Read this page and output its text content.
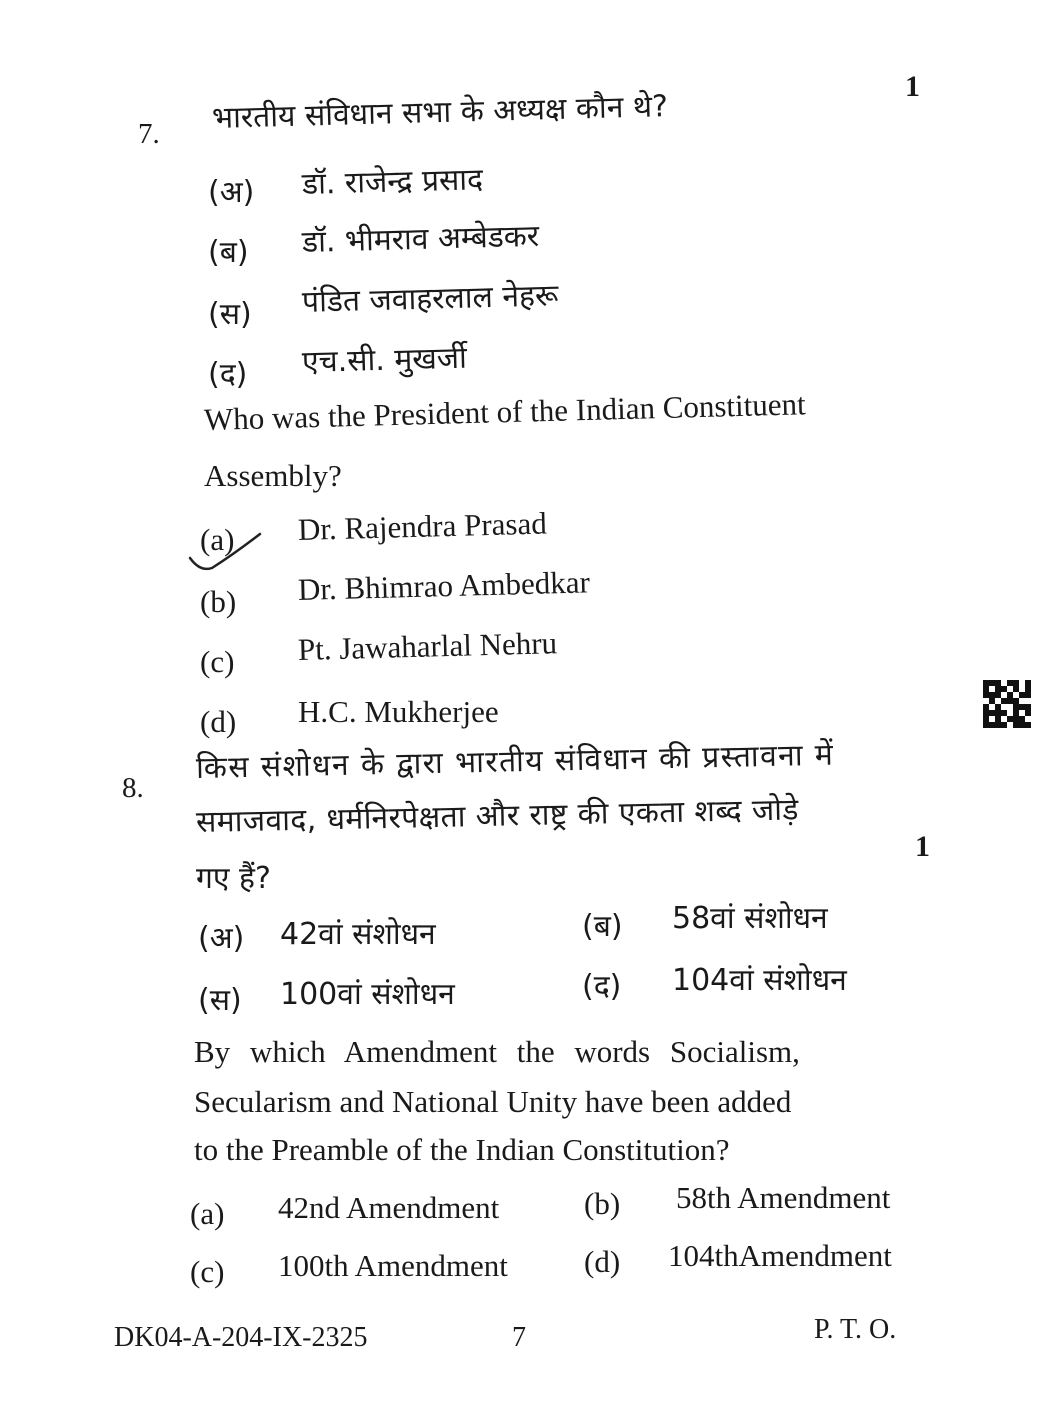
1
7. भारतीय संविधान सभा के अध्यक्ष कौन थे?
(अ) डॉ. राजेन्द्र प्रसाद
(ब) डॉ. भीमराव अम्बेडकर
(स) पंडित जवाहरलाल नेहरू
(द) एच.सी. मुखर्जी
Who was the President of the Indian Constituent
Assembly?
(a) Dr. Rajendra Prasad
(b) Dr. Bhimrao Ambedkar
(c) Pt. Jawaharlal Nehru
(d) H.C. Mukherjee
8.
किस संशोधन के द्वारा भारतीय संविधान की प्रस्तावना में
समाजवाद, धर्मनिरपेक्षता और राष्ट्र की एकता शब्द जोड़े
गए हैं?
1
(अ) 42वां संशोधन	(ब) 58वां संशोधन
(स) 100वां संशोधन	(द) 104वां संशोधन
By which Amendment the words Socialism,
Secularism and National Unity have been added
to the Preamble of the Indian Constitution?
(a) 42nd Amendment	(b) 58th Amendment
(c) 100th Amendment (d) 104thAmendment
DK04-A-204-IX-2325	7	P. T. O.
